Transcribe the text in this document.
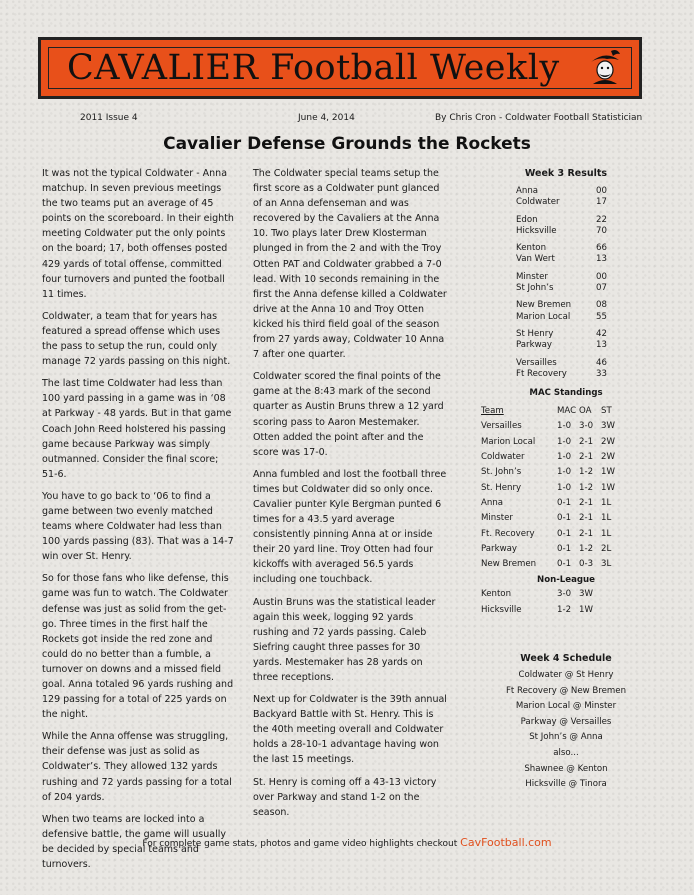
CAVALIER Football Weekly
2011 Issue 4	June 4, 2014	By Chris Cron - Coldwater Football Statistician
Cavalier Defense Grounds the Rockets

It was not the typical Coldwater - Anna matchup. In seven previous meetings the two teams put an average of 45 points on the scoreboard. In their eighth meeting Coldwater put the only points on the board; 17, both offenses posted 429 yards of total offense, committed four turnovers and punted the football 11 times.

Coldwater, a team that for years has featured a spread offense which uses the pass to setup the run, could only manage 72 yards passing on this night.

The last time Coldwater had less than 100 yard passing in a game was in ‘08 at Parkway - 48 yards. But in that game Coach John Reed holstered his passing game because Parkway was simply outmanned. Consider the final score; 51-6.

You have to go back to ‘06 to find a game between two evenly matched teams where Coldwater had less than 100 yards passing (83). That was a 14-7 win over St. Henry.

So for those fans who like defense, this game was fun to watch. The Coldwater defense was just as solid from the get-go. Three times in the first half the Rockets got inside the red zone and could do no better than a fumble, a turnover on downs and a missed field goal. Anna totaled 96 yards rushing and 129 passing for a total of 225 yards on the night.

While the Anna offense was struggling, their defense was just as solid as Coldwater’s. They allowed 132 yards rushing and 72 yards passing for a total of 204 yards.

When two teams are locked into a defensive battle, the game will usually be decided by special teams and turnovers.

The Coldwater special teams setup the first score as a Coldwater punt glanced of an Anna defenseman and was recovered by the Cavaliers at the Anna 10. Two plays later Drew Klosterman plunged in from the 2 and with the Troy Otten PAT and Coldwater grabbed a 7-0 lead. With 10 seconds remaining in the first the Anna defense killed a Coldwater drive at the Anna 10 and Troy Otten kicked his third field goal of the season from 27 yards away, Coldwater 10 Anna 7 after one quarter.

Coldwater scored the final points of the game at the 8:43 mark of the second quarter as Austin Bruns threw a 12 yard scoring pass to Aaron Mestemaker. Otten added the point after and the score was 17-0.

Anna fumbled and lost the football three times but Coldwater did so only once. Cavalier punter Kyle Bergman punted 6 times for a 43.5 yard average consistently pinning Anna at or inside their 20 yard line. Troy Otten had four kickoffs with averaged 56.5 yards including one touchback.

Austin Bruns was the statistical leader again this week, logging 92 yards rushing and 72 yards passing. Caleb Siefring caught three passes for 30 yards. Mestemaker has 28 yards on three receptions.

Next up for Coldwater is the 39th annual Backyard Battle with St. Henry. This is the 40th meeting overall and Coldwater holds a 28-10-1 advantage having won the last 15 meetings.

St. Henry is coming off a 43-13 victory over Parkway and stand 1-2 on the season.

Week 3 Results
Anna	00
Coldwater	17
Edon	22
Hicksville	70
Kenton	66
Van Wert	13
Minster	00
St John’s	07
New Bremen	08
Marion Local	55
St Henry	42
Parkway	13
Versailles	46
Ft Recovery	33
MAC Standings
Team	MAC OA	ST
Versailles	1-0 3-0 3W
Marion Local	1-0 2-1 2W
Coldwater	1-0 2-1 2W
St. John’s	1-0 1-2 1W
St. Henry	1-0 1-2 1W
Anna	0-1 2-1 1L
Minster	0-1 2-1 1L
Ft. Recovery	0-1 2-1 1L
Parkway	0-1 1-2 2L
New Bremen	0-1 0-3 3L
Non-League
Kenton	3-0 3W
Hicksville	1-2 1W
Week 4 Schedule
Coldwater @ St Henry
Ft Recovery @ New Bremen
Marion Local @ Minster
Parkway @ Versailles
St John’s @ Anna
also...
Shawnee @ Kenton
Hicksville @ Tinora
For complete game stats, photos and game video highlights checkout CavFootball.com
